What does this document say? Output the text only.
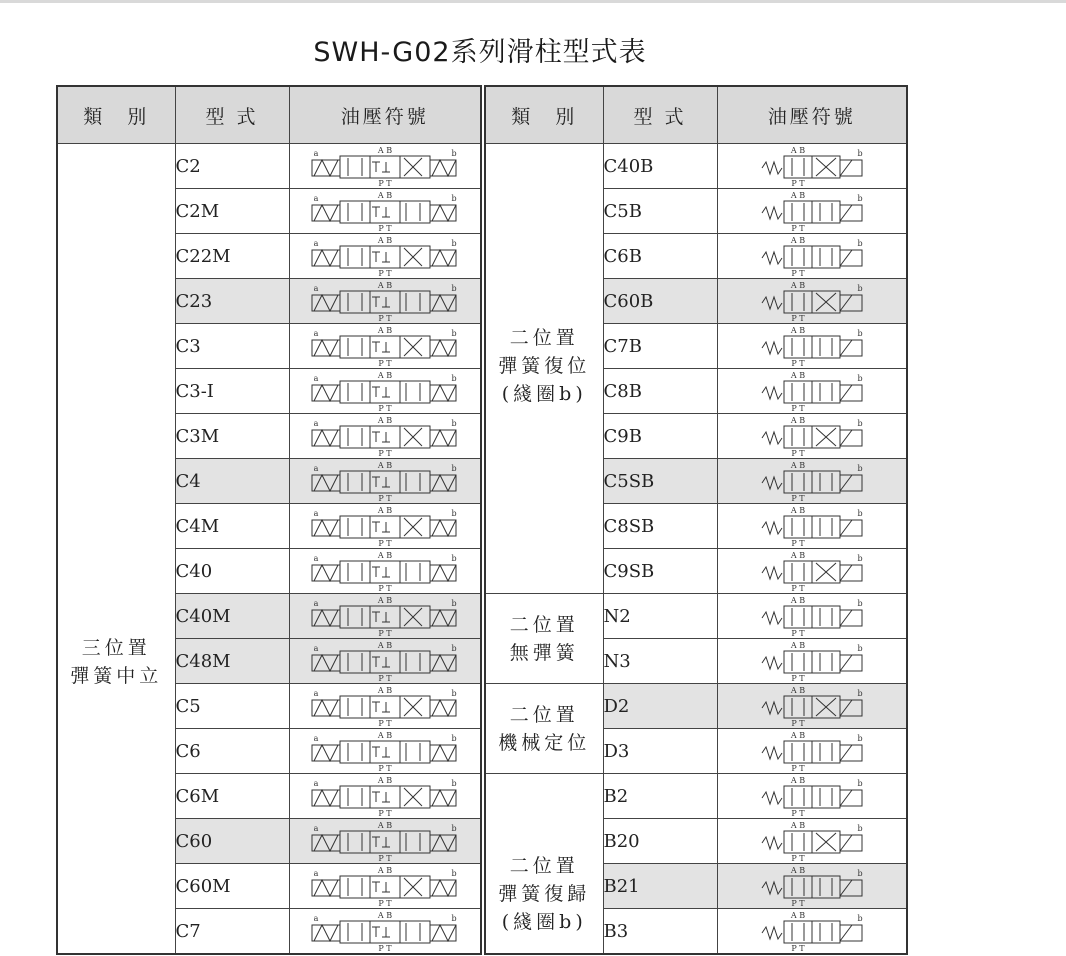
SWH-G02系列滑柱型式表
類　別	型 式	油壓符號

三位置
彈簧中立	C2	A B
P T
a b

	C2M	A B
P T
a b

	C22M	A B
P T
a b

	C23	A B
P T
a b

	C3	A B
P T
a b

	C3-I	A B
P T
a b

	C3M	A B
P T
a b

	C4	A B
P T
a b

	C4M	A B
P T
a b

	C40	A B
P T
a b

	C40M	A B
P T
a b

	C48M	A B
P T
a b

	C5	A B
P T
a b

	C6	A B
P T
a b

	C6M	A B
P T
a b

	C60	A B
P T
a b

	C60M	A B
P T
a b

	C7	A B
P T
a b
類　別	型 式	油壓符號

二位置
彈簧復位
(綫圈b)	C40B	A B
P T
b

	C5B	A B
P T
b

	C6B	A B
P T
b

	C60B	A B
P T
b

	C7B	A B
P T
b

	C8B	A B
P T
b

	C9B	A B
P T
b

	C5SB	A B
P T
b

	C8SB	A B
P T
b

	C9SB	A B
P T
b

二位置
無彈簧	N2	A B
P T
b

	N3	A B
P T
b

二位置
機械定位	D2	A B
P T
b

	D3	A B
P T
b

二位置
彈簧復歸
(綫圈b)	B2	A B
P T
b

	B20	A B
P T
b

	B21	A B
P T
b

	B3	A B
P T
b
